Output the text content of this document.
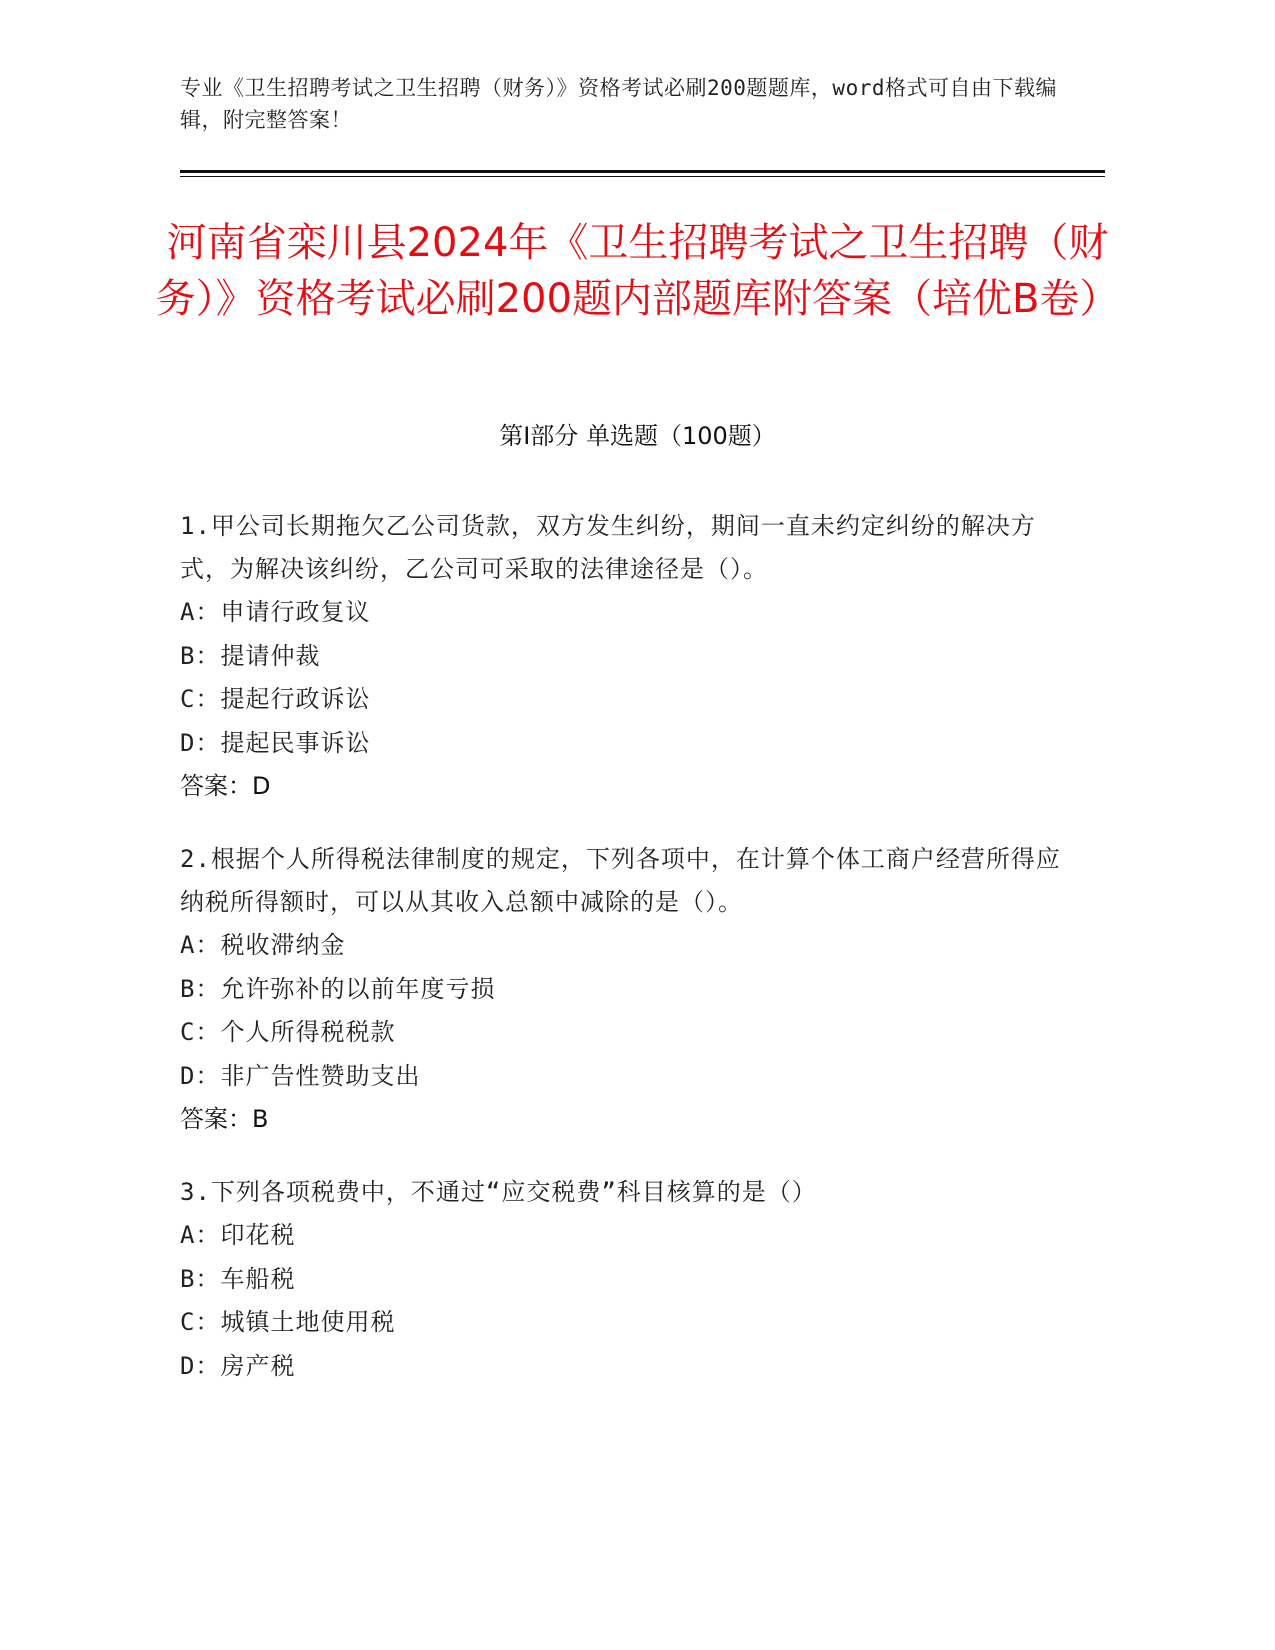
专业《卫生招聘考试之卫生招聘（财务）》资格考试必刷200题题库，word格式可自由下载编辑，附完整答案！
河南省栾川县2024年《卫生招聘考试之卫生招聘（财务）》资格考试必刷200题内部题库附答案（培优B卷）
第I部分 单选题（100题）
1.甲公司长期拖欠乙公司货款，双方发生纠纷，期间一直未约定纠纷的解决方式，为解决该纠纷，乙公司可采取的法律途径是（）。
A：申请行政复议
B：提请仲裁
C：提起行政诉讼
D：提起民事诉讼
答案：D
2.根据个人所得税法律制度的规定，下列各项中，在计算个体工商户经营所得应纳税所得额时，可以从其收入总额中减除的是（）。
A：税收滞纳金
B：允许弥补的以前年度亏损
C：个人所得税税款
D：非广告性赞助支出
答案：B
3.下列各项税费中，不通过“应交税费”科目核算的是（）
A：印花税
B：车船税
C：城镇土地使用税
D：房产税
